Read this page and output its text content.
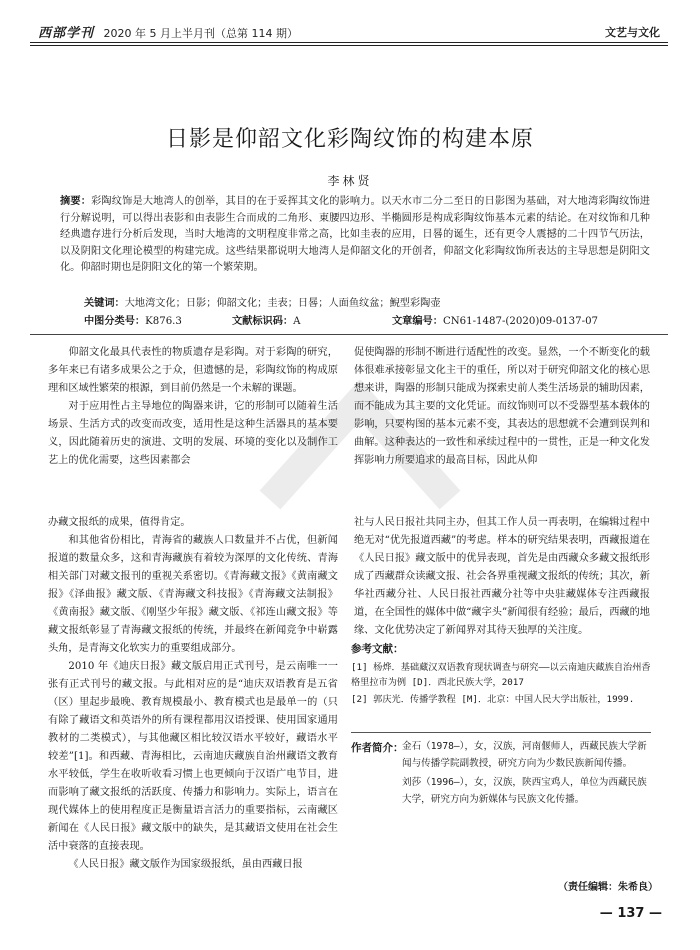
西部学刊 2020 年 5 月上半月刊（总第 114 期）	文艺与文化
日影是仰韶文化彩陶纹饰的构建本原
李林贤
摘要：彩陶纹饰是大地湾人的创举，其目的在于妥挥其文化的影响力。以天水市二分二至日的日影图为基础，对大地湾彩陶纹饰进行分解说明，可以得出表影和由表影生合而成的二角形、東腰四边形、半椭圆形是构成彩陶纹饰基本元素的结论。在对纹饰和几种经典遗存进行分析后发现，当时大地湾的文明程度非常之高，比如圭表的应用，日晷的诞生，还有更令人震撼的二十四节气历法，以及阴阳文化理论模型的构建完成。这些结果都说明大地湾人是仰韶文化的开创者，仰韶文化彩陶纹饰所表达的主导思想是阴阳文化。仰韶时期也是阴阳文化的第一个繁荣期。
关键词：大地湾文化；日影；仰韶文化；圭表；日晷；人面鱼纹盆；鯢型彩陶壶
中图分类号：K876.3	文献标识码：A	文章编号：CN61-1487-(2020)09-0137-07

仰韶文化最具代表性的物质遗存是彩陶。对于彩陶的研究，多年来已有诸多成果公之于众，但遗憾的是，彩陶纹饰的构成原理和区域性繁荣的根源，到目前仍然是一个未解的课题。

对于应用性占主导地位的陶器来讲，它的形制可以随着生活场景、生活方式的改变而改变，适用性是这种生活器具的基本要义，因此随着历史的演进、文明的发展、环境的变化以及制作工艺上的优化需要，这些因素都会

促使陶器的形制不断进行适配性的改变。显然，一个不断变化的载体很难承接彰显文化主干的重任，所以对于研究仰韶文化的核心思想来讲，陶器的形制只能成为探索史前人类生活场景的辅助因素，而不能成为其主要的文化凭证。而纹饰则可以不受器型基本载体的影响，只要构图的基本元素不变，其表达的思想就不会遭到误判和曲解。这种表达的一致性和承续过程中的一贯性，正是一种文化发挥影响力所要追求的最高目标，因此从仰

办藏文报纸的成果，值得肯定。

和其他省份相比，青海省的藏族人口数量并不占优，但新闻报道的数量众多，这和青海藏族有着较为深厚的文化传统、青海相关部门对藏文报刊的重视关系密切。《青海藏文报》《黄南藏文报》《泽曲报》藏文版、《青海藏文科技报》《青海藏文法制报》《黄南报》藏文版、《刚坚少年报》藏文版、《祁连山藏文报》等藏文报纸彰显了青海藏文报纸的传统，并最终在新闻竞争中崭露头角，是青海文化软实力的重要组成部分。

2010 年《迪庆日报》藏文版启用正式刊号，是云南唯一一张有正式刊号的藏文报。与此相对应的是“迪庆双语教育是五省（区）里起步最晚、教育规模最小、教育模式也是最单一的（只有除了藏语文和英语外的所有课程都用汉语授课、使用国家通用教材的二类模式），与其他藏区相比较汉语水平较好，藏语水平较差”[1]。和西藏、青海相比，云南迪庆藏族自治州藏语文教育水平较低，学生在收听收看习惯上也更倾向于汉语广电节目，进而影响了藏文报纸的活跃度、传播力和影响力。实际上，语言在现代媒体上的使用程度正是衡量语言活力的重要指标，云南藏区新闻在《人民日报》藏文版中的缺失，是其藏语文使用在社会生活中衰落的直接表现。

《人民日报》藏文版作为国家级报纸，虽由西藏日报

社与人民日报社共同主办，但其工作人员一再表明，在编辑过程中绝无对“优先报道西藏”的考虑。样本的研究结果表明，西藏报道在《人民日报》藏文版中的优异表现，首先是由西藏众多藏文报纸形成了西藏群众读藏文报、社会各界重视藏文报纸的传统；其次，新华社西藏分社、人民日报社西藏分社等中央驻藏媒体专注西藏报道，在全国性的媒体中做“藏字头”新闻很有经验；最后，西藏的地缘、文化优势决定了新闻界对其待天独厚的关注度。

参考文献：
[1] 杨烨．基础藏汉双语教育现状调查与研究——以云南迪庆藏族自治州香格里拉市为例 [D]．西北民族大学，2017
[2] 郭庆光．传播学教程 [M]．北京：中国人民大学出版社，1999.
作者简介：

金石（1978—），女，汉族，河南偃师人，西藏民族大学新闻与传播学院副教授，研究方向为少数民族新闻传播。

刘莎（1996—），女，汉族，陕西宝鸡人，单位为西藏民族大学，研究方向为新媒体与民族文化传播。

（责任编辑：朱希良）
— 137 —
